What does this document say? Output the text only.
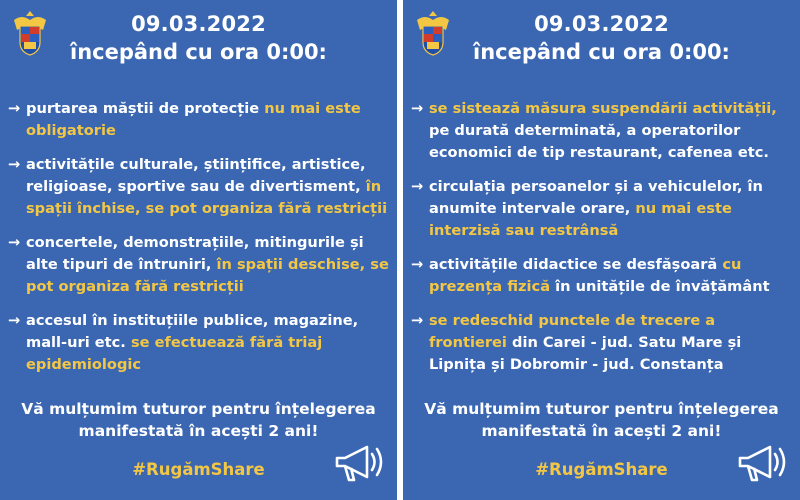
09.03.2022
începând cu ora 0:00:
→ purtarea măștii de protecție nu mai este obligatorie
→ activitățile culturale, științifice, artistice, religioase, sportive sau de divertisment, în spații închise, se pot organiza fără restricții
→ concertele, demonstrațiile, mitingurile și alte tipuri de întruniri, în spații deschise, se pot organiza fără restricții
→ accesul în instituțiile publice, magazine, mall-uri etc. se efectuează fără triaj epidemiologic
Vă mulțumim tuturor pentru înțelegerea
manifestată în acești 2 ani!
#RugămShare
09.03.2022
începând cu ora 0:00:
→ se sistează măsura suspendării activității, pe durată determinată, a operatorilor economici de tip restaurant, cafenea etc.
→ circulația persoanelor și a vehiculelor, în anumite intervale orare, nu mai este interzisă sau restrânsă
→ activitățile didactice se desfășoară cu prezența fizică în unitățile de învățământ
→ se redeschid punctele de trecere a frontierei din Carei - jud. Satu Mare și Lipnița și Dobromir - jud. Constanța
Vă mulțumim tuturor pentru înțelegerea
manifestată în acești 2 ani!
#RugămShare
